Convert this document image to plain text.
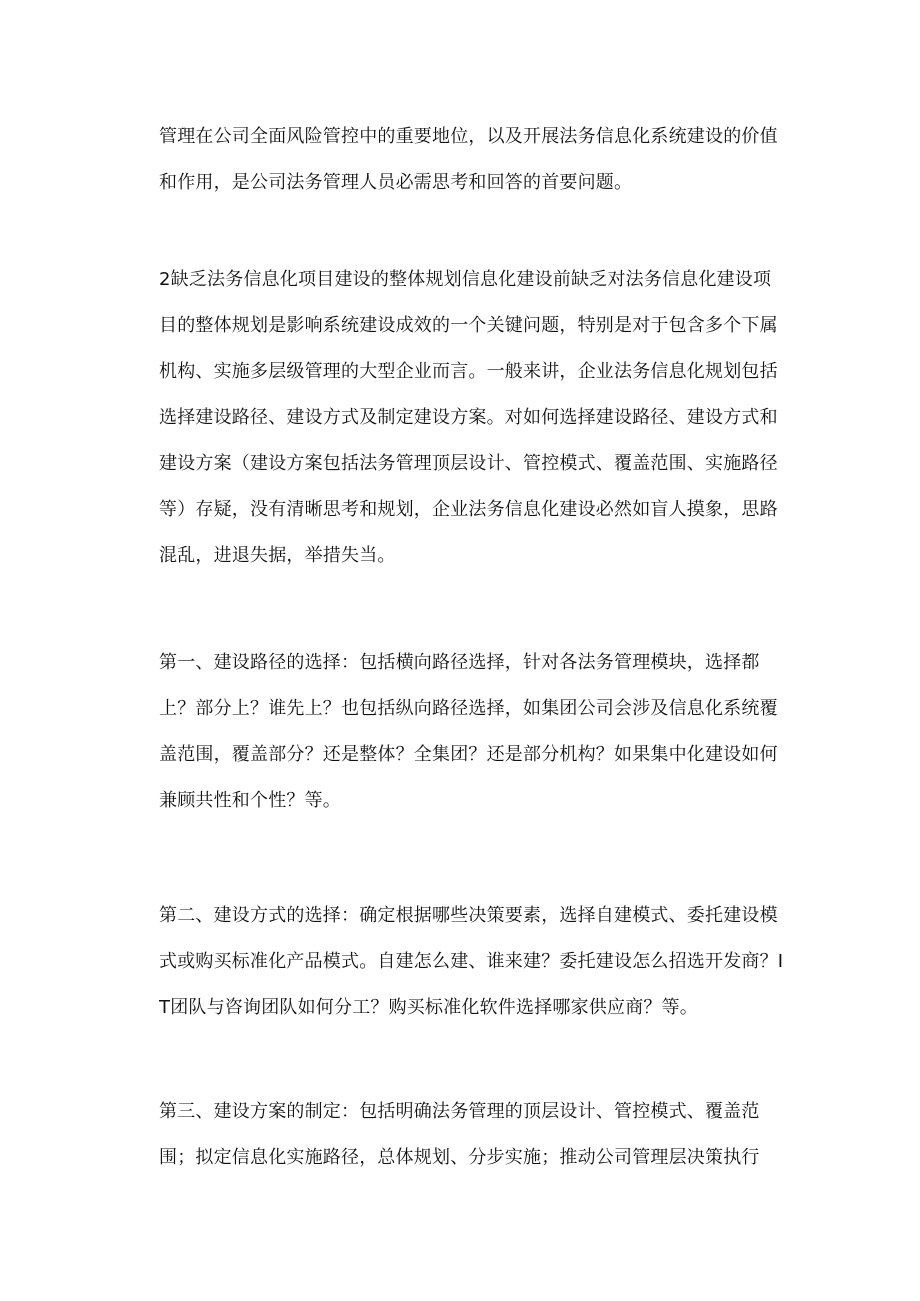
管理在公司全面风险管控中的重要地位，以及开展法务信息化系统建设的价值和作用，是公司法务管理人员必需思考和回答的首要问题。

2缺乏法务信息化项目建设的整体规划信息化建设前缺乏对法务信息化建设项目的整体规划是影响系统建设成效的一个关键问题，特别是对于包含多个下属机构、实施多层级管理的大型企业而言。一般来讲，企业法务信息化规划包括选择建设路径、建设方式及制定建设方案。对如何选择建设路径、建设方式和建设方案（建设方案包括法务管理顶层设计、管控模式、覆盖范围、实施路径等）存疑，没有清晰思考和规划，企业法务信息化建设必然如盲人摸象，思路混乱，进退失据，举措失当。

第一、建设路径的选择：包括横向路径选择，针对各法务管理模块，选择都上？部分上？谁先上？也包括纵向路径选择，如集团公司会涉及信息化系统覆盖范围，覆盖部分？还是整体？全集团？还是部分机构？如果集中化建设如何兼顾共性和个性？等。

第二、建设方式的选择：确定根据哪些决策要素，选择自建模式、委托建设模式或购买标准化产品模式。自建怎么建、谁来建？委托建设怎么招选开发商？IT团队与咨询团队如何分工？购买标准化软件选择哪家供应商？等。

第三、建设方案的制定：包括明确法务管理的顶层设计、管控模式、覆盖范围；拟定信息化实施路径，总体规划、分步实施；推动公司管理层决策执行
